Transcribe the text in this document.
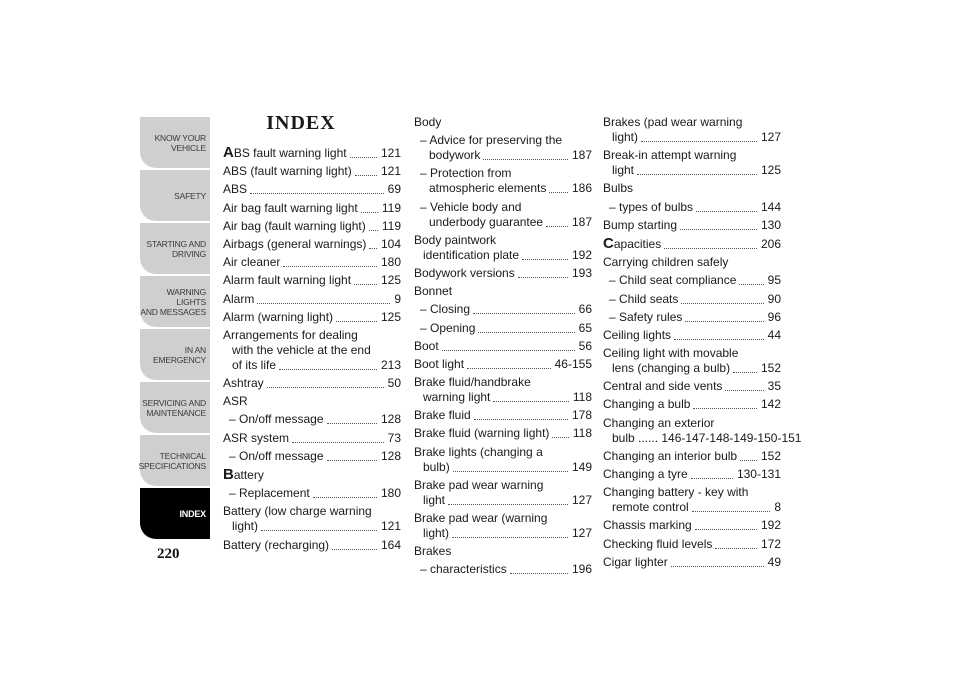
KNOW YOUR
VEHICLE
SAFETY
STARTING AND
DRIVING
WARNING LIGHTS
AND MESSAGES
IN AN EMERGENCY
SERVICING AND
MAINTENANCE
TECHNICAL
SPECIFICATIONS
INDEX
220
INDEX
ABS fault warning light	121
ABS (fault warning light)	121
ABS	69
Air bag fault warning light	119
Air bag (fault warning light)	119
Airbags (general warnings)	104
Air cleaner	180
Alarm fault warning light	125
Alarm	9
Alarm (warning light)	125
Arrangements for dealing
with the vehicle at the end
of its life	213
Ashtray	50
ASR
– On/off message	128
ASR system	73
– On/off message	128
Battery
– Replacement	180
Battery (low charge warning
light)	121
Battery (recharging)	164
Body
– Advice for preserving the
bodywork	187
– Protection from
atmospheric elements	186
– Vehicle body and
underbody guarantee	187
Body paintwork
identification plate	192
Bodywork versions	193
Bonnet
– Closing	66
– Opening	65
Boot	56
Boot light	46-155
Brake fluid/handbrake
warning light	118
Brake fluid	178
Brake fluid (warning light)	118
Brake lights (changing a
bulb)	149
Brake pad wear warning
light	127
Brake pad wear (warning
light)	127
Brakes
– characteristics	196
Brakes (pad wear warning
light)	127
Break-in attempt warning
light	125
Bulbs
– types of bulbs	144
Bump starting	130
Capacities	206
Carrying children safely
– Child seat compliance	95
– Child seats	90
– Safety rules	96
Ceiling lights	44
Ceiling light with movable
lens (changing a bulb)	152
Central and side vents	35
Changing a bulb	142
Changing an exterior
bulb ...... 146-147-148-149-150-151
Changing an interior bulb	152
Changing a tyre	130-131
Changing battery - key with
remote control	8
Chassis marking	192
Checking fluid levels	172
Cigar lighter	49
